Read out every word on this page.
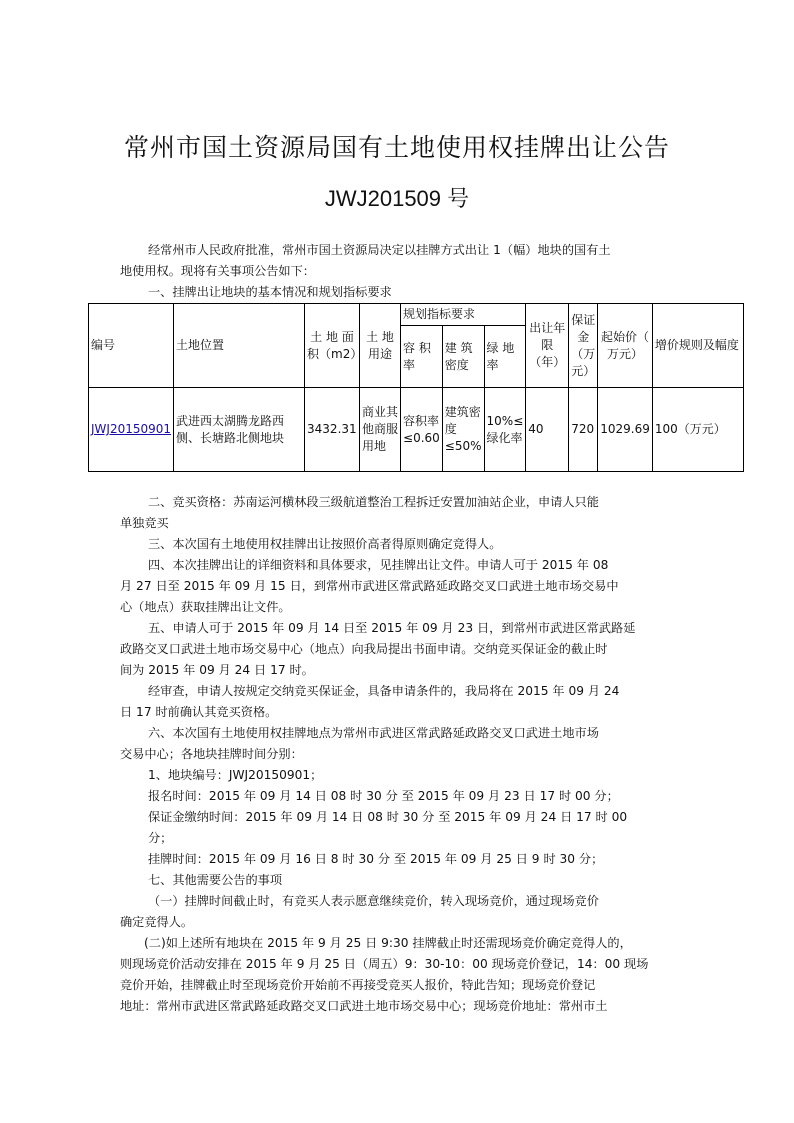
常州市国土资源局国有土地使用权挂牌出让公告
JWJ201509 号

经常州市人民政府批准，常州市国土资源局决定以挂牌方式出让 1（幅）地块的国有土

地使用权。现将有关事项公告如下：

一、挂牌出让地块的基本情况和规划指标要求

编号	土地位置	土 地 面积（m2）	土 地用途	规划指标要求			出让年限（年）	保证金（万元）	起始价（ 万元）	增价规则及幅度
				容 积率	建 筑密度	绿 地率				
JWJ20150901	武进西太湖腾龙路西侧、长塘路北侧地块	3432.31	商业其他商服用地	容积率≤0.60	建筑密度≤50%	10%≤绿化率	40	720	1029.69	100（万元）

二、竞买资格：苏南运河横林段三级航道整治工程拆迁安置加油站企业，申请人只能

单独竞买

三、本次国有土地使用权挂牌出让按照价高者得原则确定竞得人。

四、本次挂牌出让的详细资料和具体要求，见挂牌出让文件。申请人可于 2015 年 08

月 27 日至 2015 年 09 月 15 日，到常州市武进区常武路延政路交叉口武进土地市场交易中

心（地点）获取挂牌出让文件。

五、申请人可于 2015 年 09 月 14 日至 2015 年 09 月 23 日，到常州市武进区常武路延

政路交叉口武进土地市场交易中心（地点）向我局提出书面申请。交纳竞买保证金的截止时

间为 2015 年 09 月 24 日 17 时。

经审查，申请人按规定交纳竞买保证金，具备申请条件的，我局将在 2015 年 09 月 24

日 17 时前确认其竞买资格。

六、本次国有土地使用权挂牌地点为常州市武进区常武路延政路交叉口武进土地市场

交易中心；各地块挂牌时间分别：

1、地块编号：JWJ20150901；

报名时间：2015 年 09 月 14 日 08 时 30 分 至 2015 年 09 月 23 日 17 时 00 分；

保证金缴纳时间：2015 年 09 月 14 日 08 时 30 分 至 2015 年 09 月 24 日 17 时 00

分；

挂牌时间：2015 年 09 月 16 日 8 时 30 分 至 2015 年 09 月 25 日 9 时 30 分；

七、其他需要公告的事项

（一）挂牌时间截止时，有竞买人表示愿意继续竞价，转入现场竞价，通过现场竞价

确定竞得人。

(二)如上述所有地块在 2015 年 9 月 25 日 9:30 挂牌截止时还需现场竞价确定竞得人的，

则现场竞价活动安排在 2015 年 9 月 25 日（周五）9：30-10：00 现场竞价登记，14：00 现场

竞价开始，挂牌截止时至现场竞价开始前不再接受竞买人报价，特此告知；现场竞价登记

地址：常州市武进区常武路延政路交叉口武进土地市场交易中心；现场竞价地址：常州市土
